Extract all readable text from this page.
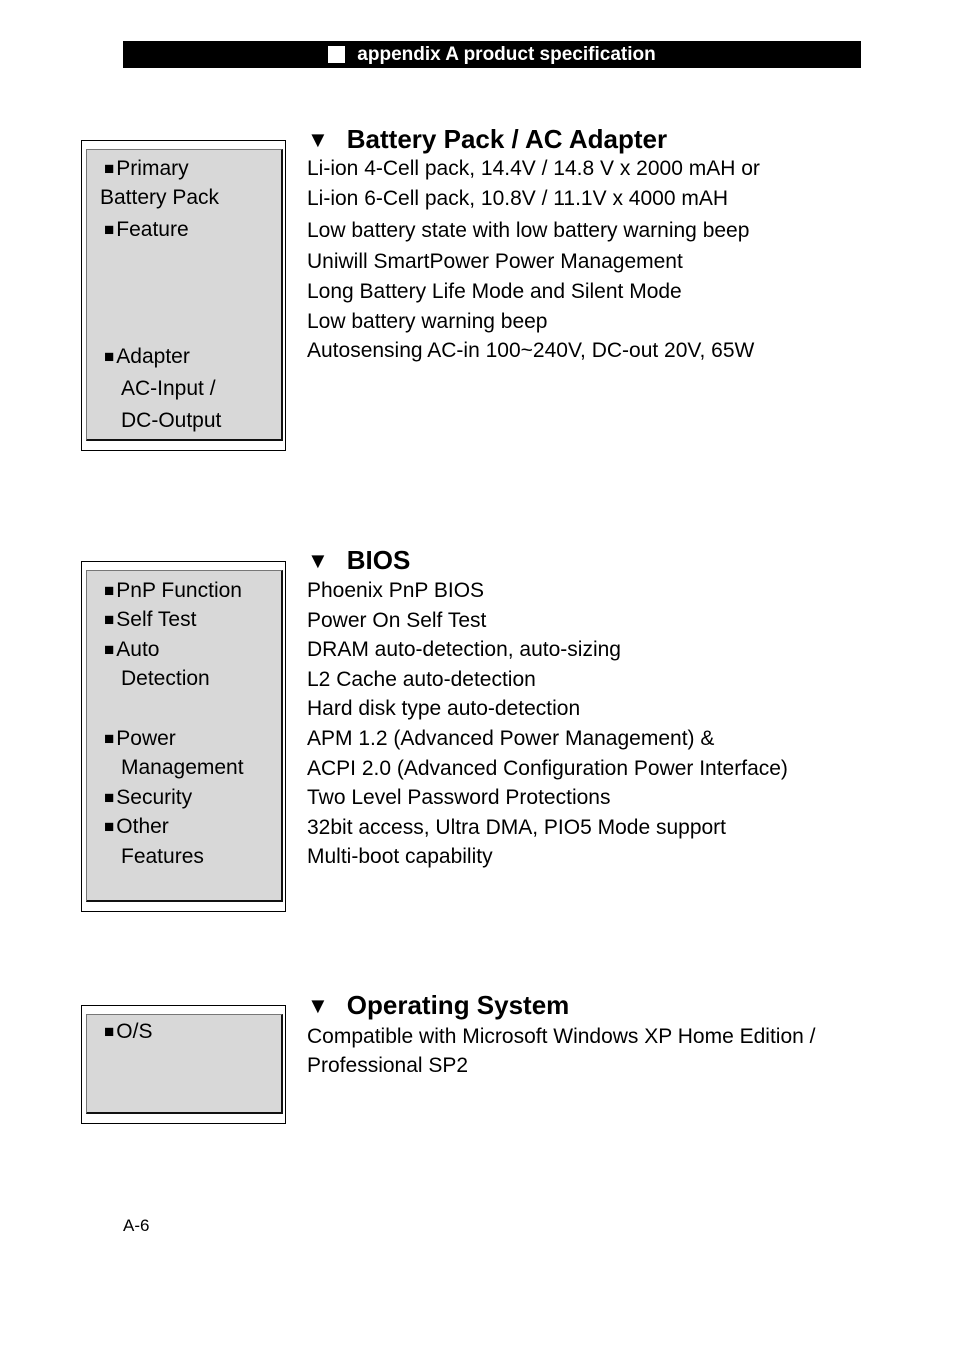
appendix A product specification
■Primary
Battery Pack
■Feature
■Adapter
AC-Input /
DC-Output
▼ Battery Pack / AC Adapter
Li-ion 4-Cell pack, 14.4V / 14.8 V x 2000 mAH or
Li-ion 6-Cell pack, 10.8V / 11.1V x 4000 mAH
Low battery state with low battery warning beep
Uniwill SmartPower Power Management
Long Battery Life Mode and Silent Mode
Low battery warning beep
Autosensing AC-in 100~240V, DC-out 20V, 65W
■PnP Function
■Self Test
■Auto
Detection
■Power
Management
■Security
■Other
Features
▼ BIOS
Phoenix PnP BIOS
Power On Self Test
DRAM auto-detection, auto-sizing
L2 Cache auto-detection
Hard disk type auto-detection
APM 1.2 (Advanced Power Management) &
ACPI 2.0 (Advanced Configuration Power Interface)
Two Level Password Protections
32bit access, Ultra DMA, PIO5 Mode support
Multi-boot capability
■O/S
▼ Operating System
Compatible with Microsoft Windows XP Home Edition /
Professional SP2
A-6
